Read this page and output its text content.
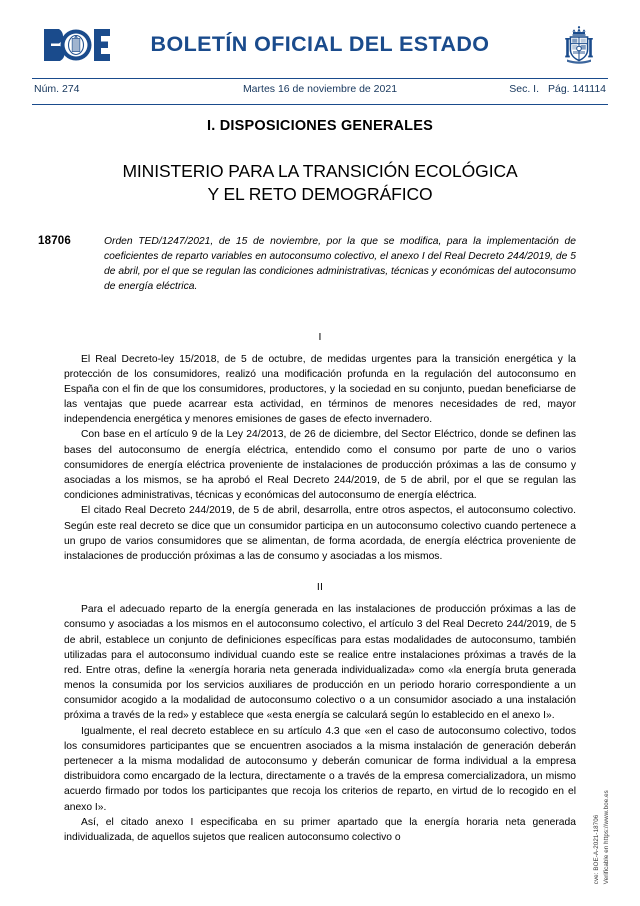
BOLETÍN OFICIAL DEL ESTADO
Núm. 274	Martes 16 de noviembre de 2021	Sec. I. Pág. 141114
I. DISPOSICIONES GENERALES
MINISTERIO PARA LA TRANSICIÓN ECOLÓGICA
Y EL RETO DEMOGRÁFICO
18706	Orden TED/1247/2021, de 15 de noviembre, por la que se modifica, para la implementación de coeficientes de reparto variables en autoconsumo colectivo, el anexo I del Real Decreto 244/2019, de 5 de abril, por el que se regulan las condiciones administrativas, técnicas y económicas del autoconsumo de energía eléctrica.

I

El Real Decreto-ley 15/2018, de 5 de octubre, de medidas urgentes para la transición energética y la protección de los consumidores, realizó una modificación profunda en la regulación del autoconsumo en España con el fin de que los consumidores, productores, y la sociedad en su conjunto, puedan beneficiarse de las ventajas que puede acarrear esta actividad, en términos de menores necesidades de red, mayor independencia energética y menores emisiones de gases de efecto invernadero.

Con base en el artículo 9 de la Ley 24/2013, de 26 de diciembre, del Sector Eléctrico, donde se definen las bases del autoconsumo de energía eléctrica, entendido como el consumo por parte de uno o varios consumidores de energía eléctrica proveniente de instalaciones de producción próximas a las de consumo y asociadas a los mismos, se ha aprobó el Real Decreto 244/2019, de 5 de abril, por el que se regulan las condiciones administrativas, técnicas y económicas del autoconsumo de energía eléctrica.

El citado Real Decreto 244/2019, de 5 de abril, desarrolla, entre otros aspectos, el autoconsumo colectivo. Según este real decreto se dice que un consumidor participa en un autoconsumo colectivo cuando pertenece a un grupo de varios consumidores que se alimentan, de forma acordada, de energía eléctrica proveniente de instalaciones de producción próximas a las de consumo y asociadas a los mismos.

II

Para el adecuado reparto de la energía generada en las instalaciones de producción próximas a las de consumo y asociadas a los mismos en el autoconsumo colectivo, el artículo 3 del Real Decreto 244/2019, de 5 de abril, establece un conjunto de definiciones específicas para estas modalidades de autoconsumo, también utilizadas para el autoconsumo individual cuando este se realice entre instalaciones próximas a través de la red. Entre otras, define la «energía horaria neta generada individualizada» como «la energía bruta generada menos la consumida por los servicios auxiliares de producción en un periodo horario correspondiente a un consumidor acogido a la modalidad de autoconsumo colectivo o a un consumidor asociado a una instalación próxima a través de la red» y establece que «esta energía se calculará según lo establecido en el anexo I».

Igualmente, el real decreto establece en su artículo 4.3 que «en el caso de autoconsumo colectivo, todos los consumidores participantes que se encuentren asociados a la misma instalación de generación deberán pertenecer a la misma modalidad de autoconsumo y deberán comunicar de forma individual a la empresa distribuidora como encargado de la lectura, directamente o a través de la empresa comercializadora, un mismo acuerdo firmado por todos los participantes que recoja los criterios de reparto, en virtud de lo recogido en el anexo I».

Así, el citado anexo I especificaba en su primer apartado que la energía horaria neta generada individualizada, de aquellos sujetos que realicen autoconsumo colectivo o	cve: BOE-A-2021-18706 Verificable en https://www.boe.es
